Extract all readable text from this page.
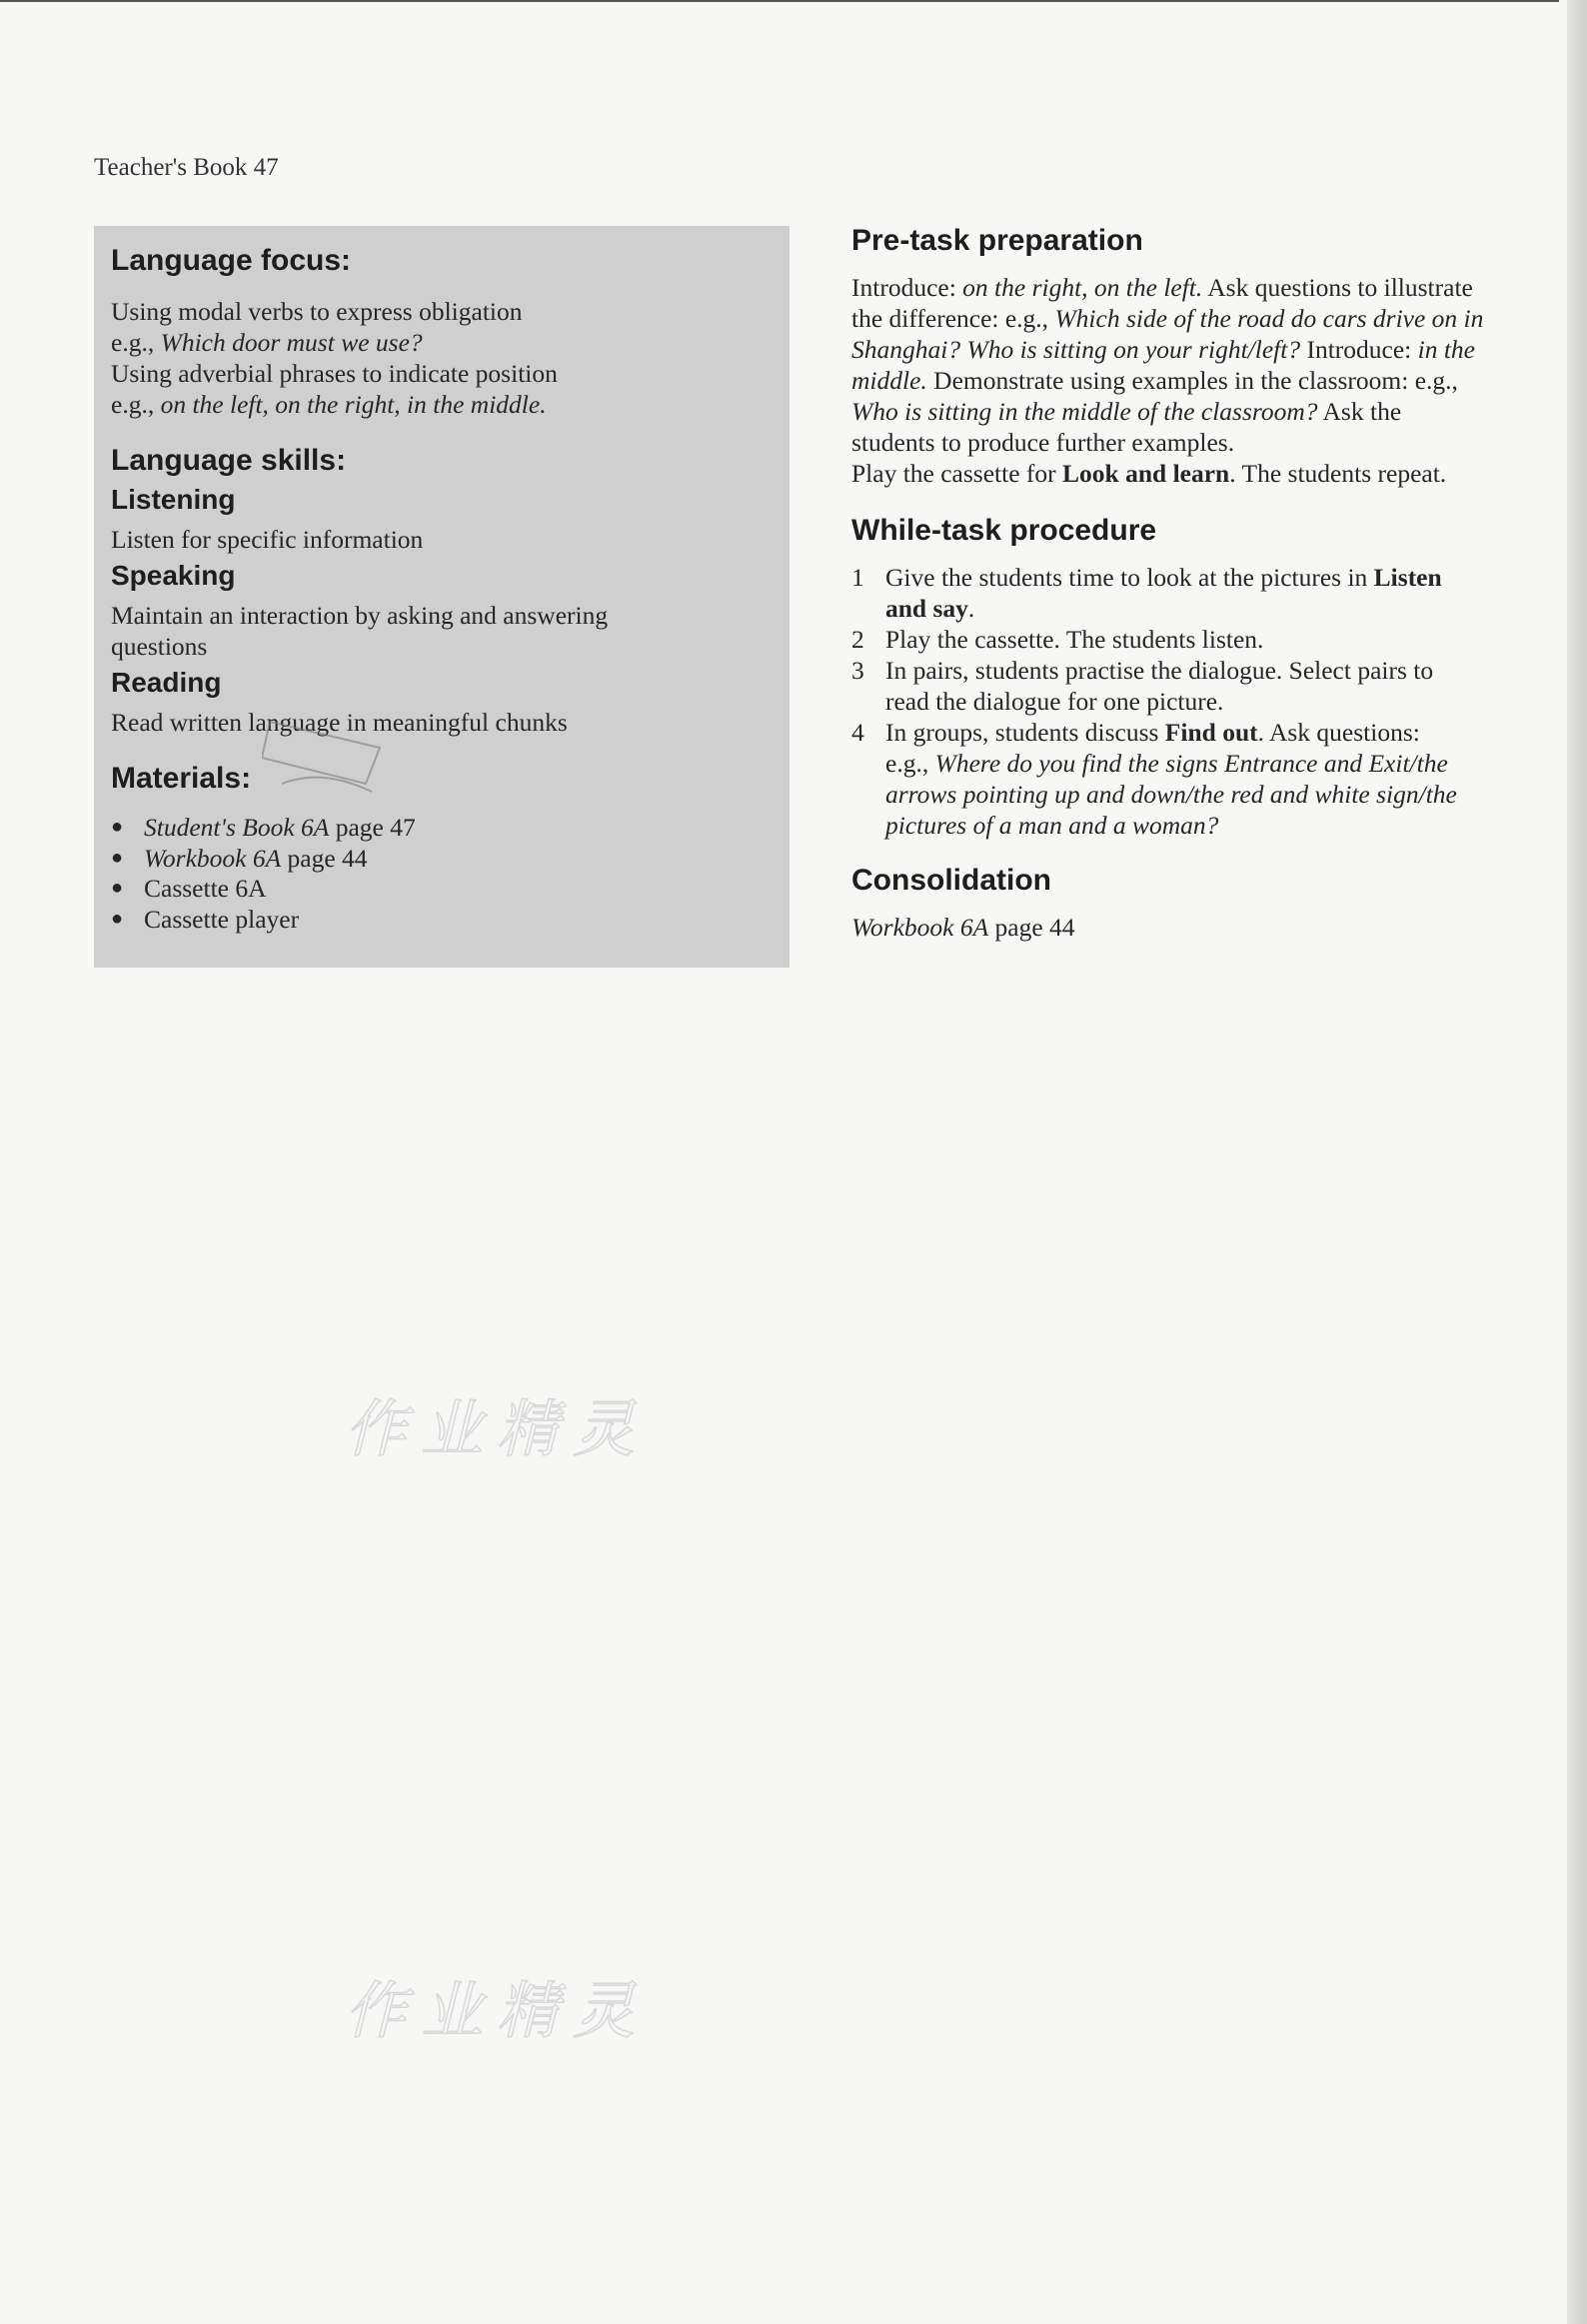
Teacher's Book 47
Language focus:
Using modal verbs to express obligation
e.g., Which door must we use?
Using adverbial phrases to indicate position
e.g., on the left, on the right, in the middle.
Language skills:
Listening
Listen for specific information
Speaking
Maintain an interaction by asking and answering
questions
Reading
Read written language in meaningful chunks
Materials:
● Student's Book 6A page 47
● Workbook 6A page 44
● Cassette 6A
● Cassette player
Pre-task preparation
Introduce: on the right, on the left. Ask questions to illustrate
the difference: e.g., Which side of the road do cars drive on in
Shanghai? Who is sitting on your right/left? Introduce: in the
middle. Demonstrate using examples in the classroom: e.g.,
Who is sitting in the middle of the classroom? Ask the
students to produce further examples.
Play the cassette for Look and learn. The students repeat.
While-task procedure
1 Give the students time to look at the pictures in Listen
and say.
2 Play the cassette. The students listen.
3 In pairs, students practise the dialogue. Select pairs to
read the dialogue for one picture.
4 In groups, students discuss Find out. Ask questions:
e.g., Where do you find the signs Entrance and Exit/the
arrows pointing up and down/the red and white sign/the
pictures of a man and a woman?
Consolidation
Workbook 6A page 44
作业精灵
作业精灵
